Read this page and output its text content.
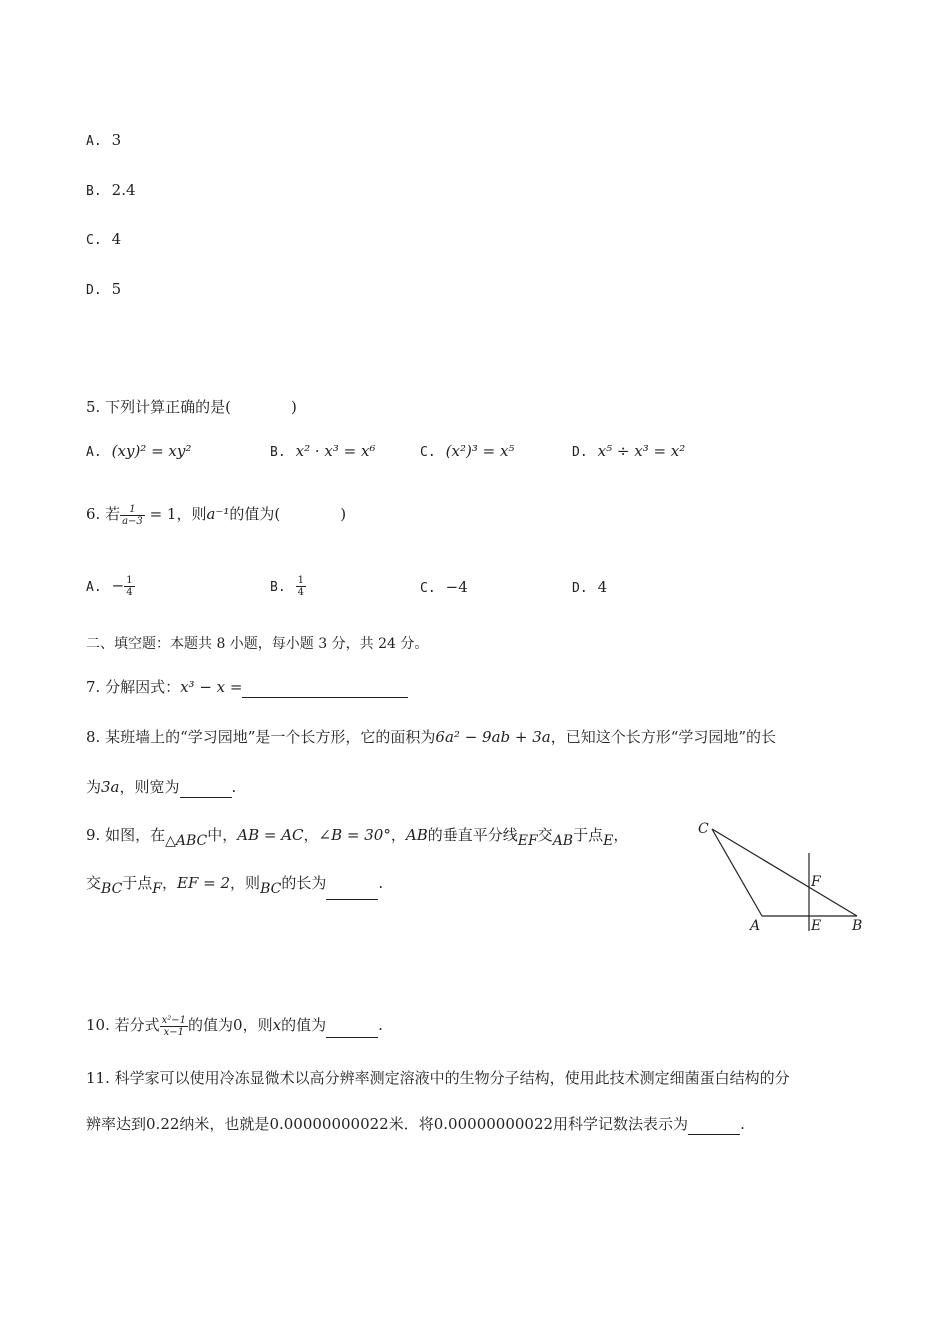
A. 3
B. 2.4
C. 4
D. 5
5. 下列计算正确的是(	)
A. (xy)² = xy²	B. x² · x³ = x⁶	C. (x²)³ = x⁵	D. x⁵ ÷ x³ = x²
6. 若 $\frac{1}{a-3} = 1$，则a⁻¹的值为(	)
A. − $\frac{1}{4}$	B. $\frac{1}{4}$	C. −4	D. 4
二、填空题：本题共 8 小题，每小题 3 分，共 24 分。
7. 分解因式：x³ − x =
8. 某班墙上的“学习园地”是一个长方形，它的面积为6a² − 9ab + 3a，已知这个长方形“学习园地”的长
为3a，则宽为	.
9. 如图，在$_{\triangle ABC}$中，AB = AC，∠B = 30°，AB的垂直平分线$_{EF}$交$_{AB}$于点$_E$，
交$_{BC}$于点$_F$，EF = 2，则$_{BC}$的长为	.
C
A	E B
F
10. 若分式 $\frac{\text{x²−1}}{x-1}$ 的值为0，则x的值为	.
11. 科学家可以使用冷冻显微术以高分辨率测定溶液中的生物分子结构，使用此技术测定细菌蛋白结构的分
辨率达到0.22纳米，也就是0.00000000022米．将0.00000000022用科学记数法表示为	.
